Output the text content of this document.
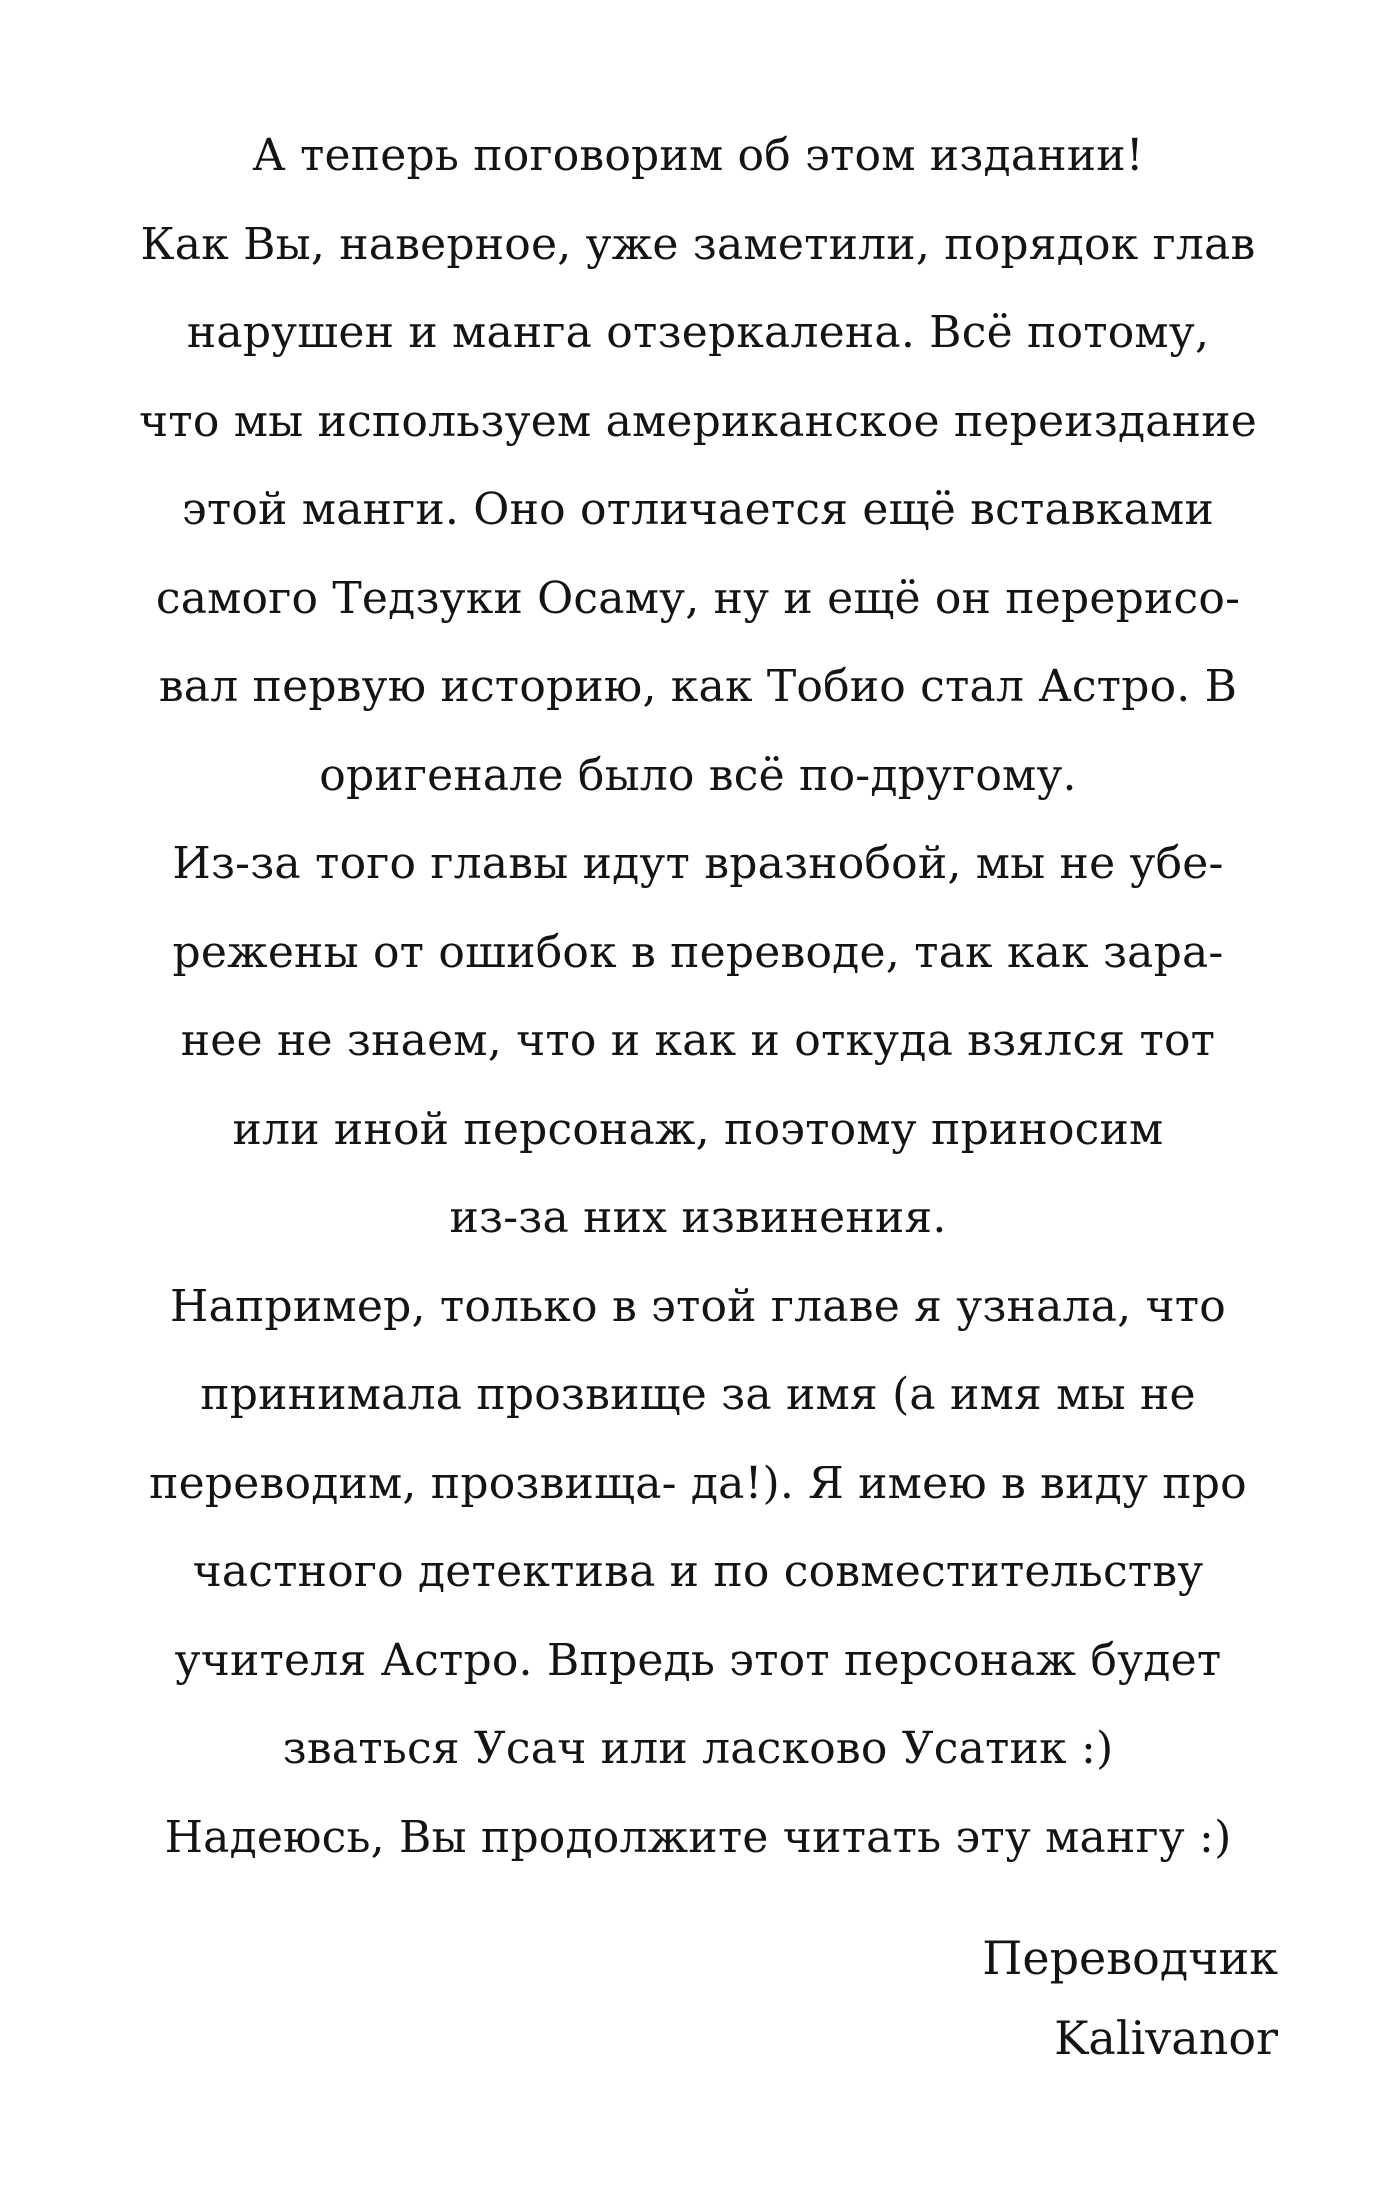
А теперь поговорим об этом издании!
Как Вы, наверное, уже заметили, порядок глав
нарушен и манга отзеркалена. Всё потому,
что мы используем американское переиздание
этой манги. Оно отличается ещё вставками
самого Тедзуки Осаму, ну и ещё он перерисо-
вал первую историю, как Тобио стал Астро. В
оригенале было всё по-другому.
Из-за того главы идут вразнобой, мы не убе-
режены от ошибок в переводе, так как зара-
нее не знаем, что и как и откуда взялся тот
или иной персонаж, поэтому приносим
из-за них извинения.
Например, только в этой главе я узнала, что
принимала прозвище за имя (а имя мы не
переводим, прозвища- да!). Я имею в виду про
частного детектива и по совместительству
учителя Астро. Впредь этот персонаж будет
зваться Усач или ласково Усатик :)
Надеюсь, Вы продолжите читать эту мангу :)
Переводчик
Kalivanor
